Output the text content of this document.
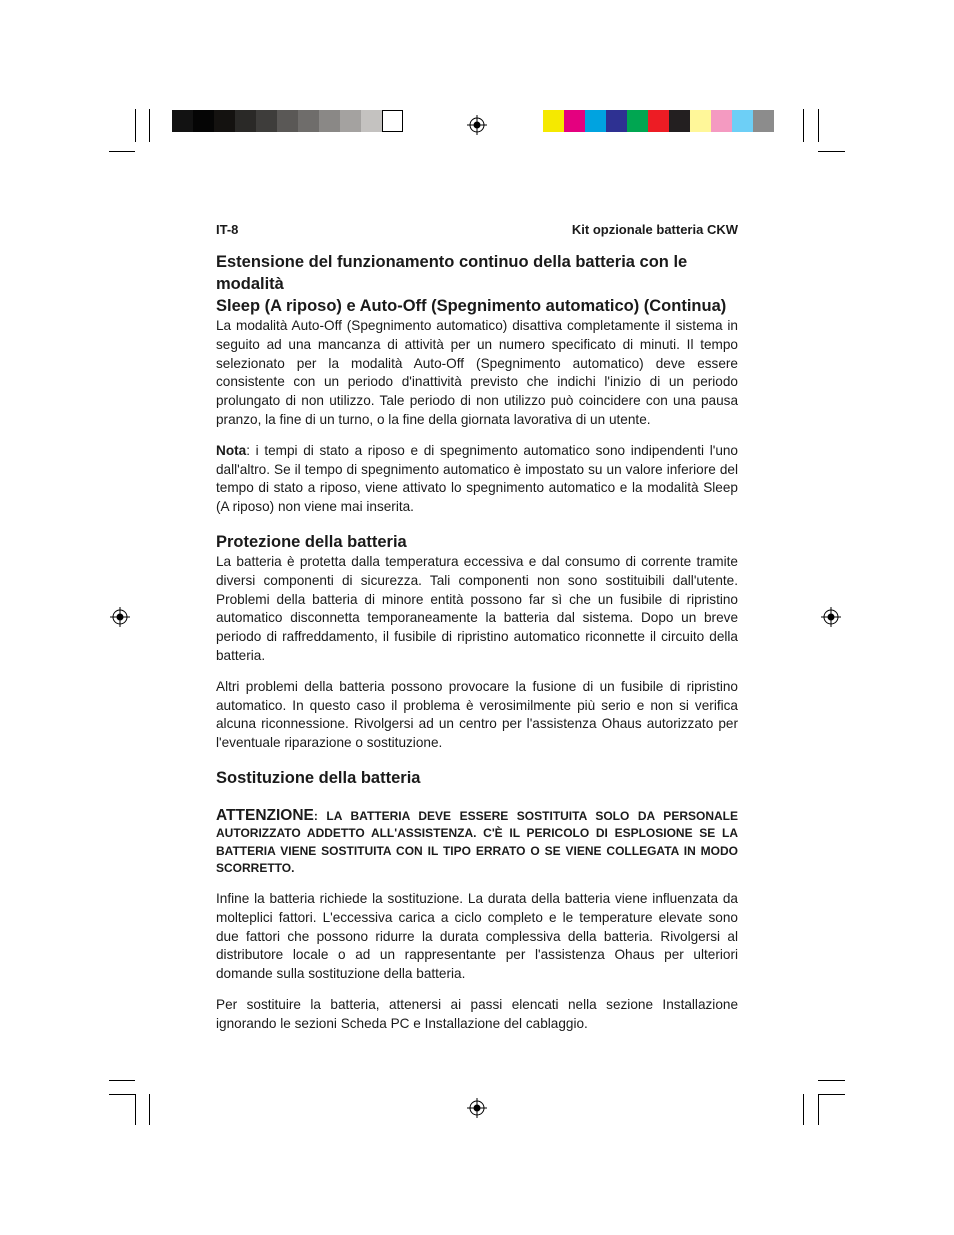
IT-8	Kit opzionale batteria CKW
Estensione del funzionamento continuo della batteria con le modalità
Sleep (A riposo) e Auto-Off (Spegnimento automatico) (Continua)

La modalità Auto-Off (Spegnimento automatico) disattiva completamente il sistema in seguito ad una mancanza di attività per un numero specificato di minuti. Il tempo selezionato per la modalità Auto-Off (Spegnimento automatico) deve essere consistente con un periodo d'inattività previsto che indichi l'inizio di un periodo prolungato di non utilizzo. Tale periodo di non utilizzo può coincidere con una pausa pranzo, la fine di un turno, o la fine della giornata lavorativa di un utente.

Nota: i tempi di stato a riposo e di spegnimento automatico sono indipendenti l'uno dall'altro. Se il tempo di spegnimento automatico è impostato su un valore inferiore del tempo di stato a riposo, viene attivato lo spegnimento automatico e la modalità Sleep (A riposo) non viene mai inserita.

Protezione della batteria

La batteria è protetta dalla temperatura eccessiva e dal consumo di corrente tramite diversi componenti di sicurezza. Tali componenti non sono sostituibili dall'utente. Problemi della batteria di minore entità possono far sì che un fusibile di ripristino automatico disconnetta temporaneamente la batteria dal sistema. Dopo un breve periodo di raffreddamento, il fusibile di ripristino automatico riconnette il circuito della batteria.

Altri problemi della batteria possono provocare la fusione di un fusibile di ripristino automatico. In questo caso il problema è verosimilmente più serio e non si verifica alcuna riconnessione. Rivolgersi ad un centro per l'assistenza Ohaus autorizzato per l'eventuale riparazione o sostituzione.

Sostituzione della batteria
ATTENZIONE: LA BATTERIA DEVE ESSERE SOSTITUITA SOLO DA PERSONALE AUTORIZZATO ADDETTO ALL'ASSISTENZA. C'È IL PERICOLO DI ESPLOSIONE SE LA BATTERIA VIENE SOSTITUITA CON IL TIPO ERRATO O SE VIENE COLLEGATA IN MODO SCORRETTO.

Infine la batteria richiede la sostituzione. La durata della batteria viene influenzata da molteplici fattori. L'eccessiva carica a ciclo completo e le temperature elevate sono due fattori che possono ridurre la durata complessiva della batteria. Rivolgersi al distributore locale o ad un rappresentante per l'assistenza Ohaus per ulteriori domande sulla sostituzione della batteria.

Per sostituire la batteria, attenersi ai passi elencati nella sezione Installazione ignorando le sezioni Scheda PC e Installazione del cablaggio.
